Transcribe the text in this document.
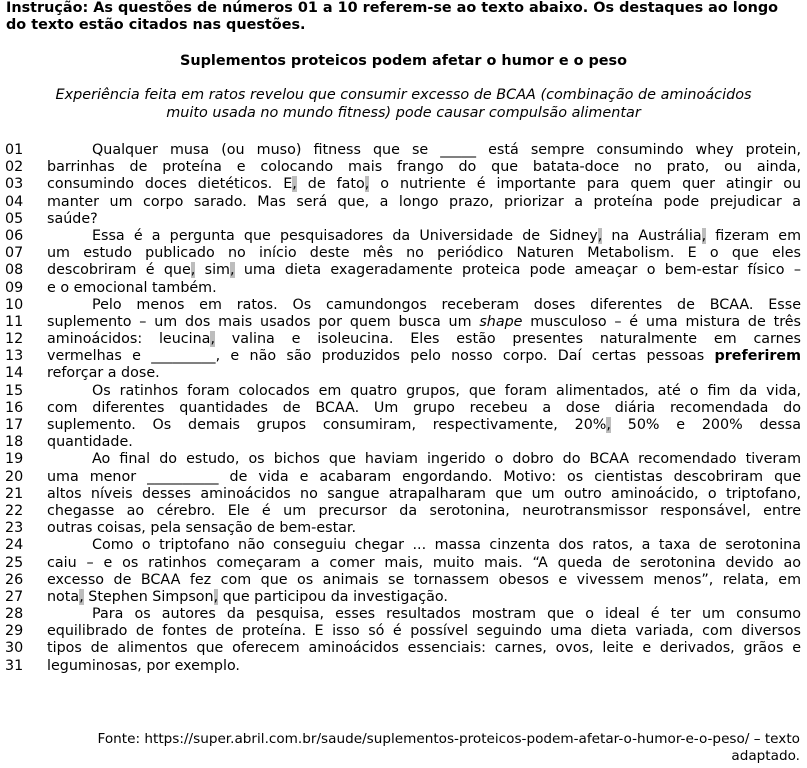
Instrução: As questões de números 01 a 10 referem-se ao texto abaixo. Os destaques ao longo do texto estão citados nas questões.

Suplementos proteicos podem afetar o humor e o peso

Experiência feita em ratos revelou que consumir excesso de BCAA (combinação de aminoácidos
muito usada no mundo fitness) pode causar compulsão alimentar

01	Qualquer musa (ou muso) fitness que se _____ está sempre consumindo whey protein,
02 barrinhas de proteína e colocando mais frango do que batata-doce no prato, ou ainda,
03 consumindo doces dietéticos. E, de fato, o nutriente é importante para quem quer atingir ou
04 manter um corpo sarado. Mas será que, a longo prazo, priorizar a proteína pode prejudicar a
05 saúde?
06	Essa é a pergunta que pesquisadores da Universidade de Sidney, na Austrália, fizeram em
07 um estudo publicado no início deste mês no periódico Naturen Metabolism. E o que eles
08 descobriram é que, sim, uma dieta exageradamente proteica pode ameaçar o bem-estar físico –
09 e o emocional também.
10	Pelo menos em ratos. Os camundongos receberam doses diferentes de BCAA. Esse
11 suplemento – um dos mais usados por quem busca um shape musculoso – é uma mistura de três
12 aminoácidos: leucina, valina e isoleucina. Eles estão presentes naturalmente em carnes
13 vermelhas e _________, e não são produzidos pelo nosso corpo. Daí certas pessoas preferirem
14 reforçar a dose.
15	Os ratinhos foram colocados em quatro grupos, que foram alimentados, até o fim da vida,
16 com diferentes quantidades de BCAA. Um grupo recebeu a dose diária recomendada do
17 suplemento. Os demais grupos consumiram, respectivamente, 20%, 50% e 200% dessa
18 quantidade.
19	Ao final do estudo, os bichos que haviam ingerido o dobro do BCAA recomendado tiveram
20 uma menor __________ de vida e acabaram engordando. Motivo: os cientistas descobriram que
21 altos níveis desses aminoácidos no sangue atrapalharam que um outro aminoácido, o triptofano,
22 chegasse ao cérebro. Ele é um precursor da serotonina, neurotransmissor responsável, entre
23 outras coisas, pela sensação de bem-estar.
24	Como o triptofano não conseguiu chegar ... massa cinzenta dos ratos, a taxa de serotonina
25 caiu – e os ratinhos começaram a comer mais, muito mais. “A queda de serotonina devido ao
26 excesso de BCAA fez com que os animais se tornassem obesos e vivessem menos”, relata, em
27 nota, Stephen Simpson, que participou da investigação.
28	Para os autores da pesquisa, esses resultados mostram que o ideal é ter um consumo
29 equilibrado de fontes de proteína. E isso só é possível seguindo uma dieta variada, com diversos
30 tipos de alimentos que oferecem aminoácidos essenciais: carnes, ovos, leite e derivados, grãos e
31 leguminosas, por exemplo.

Fonte: https://super.abril.com.br/saude/suplementos-proteicos-podem-afetar-o-humor-e-o-peso/ – texto
adaptado.
